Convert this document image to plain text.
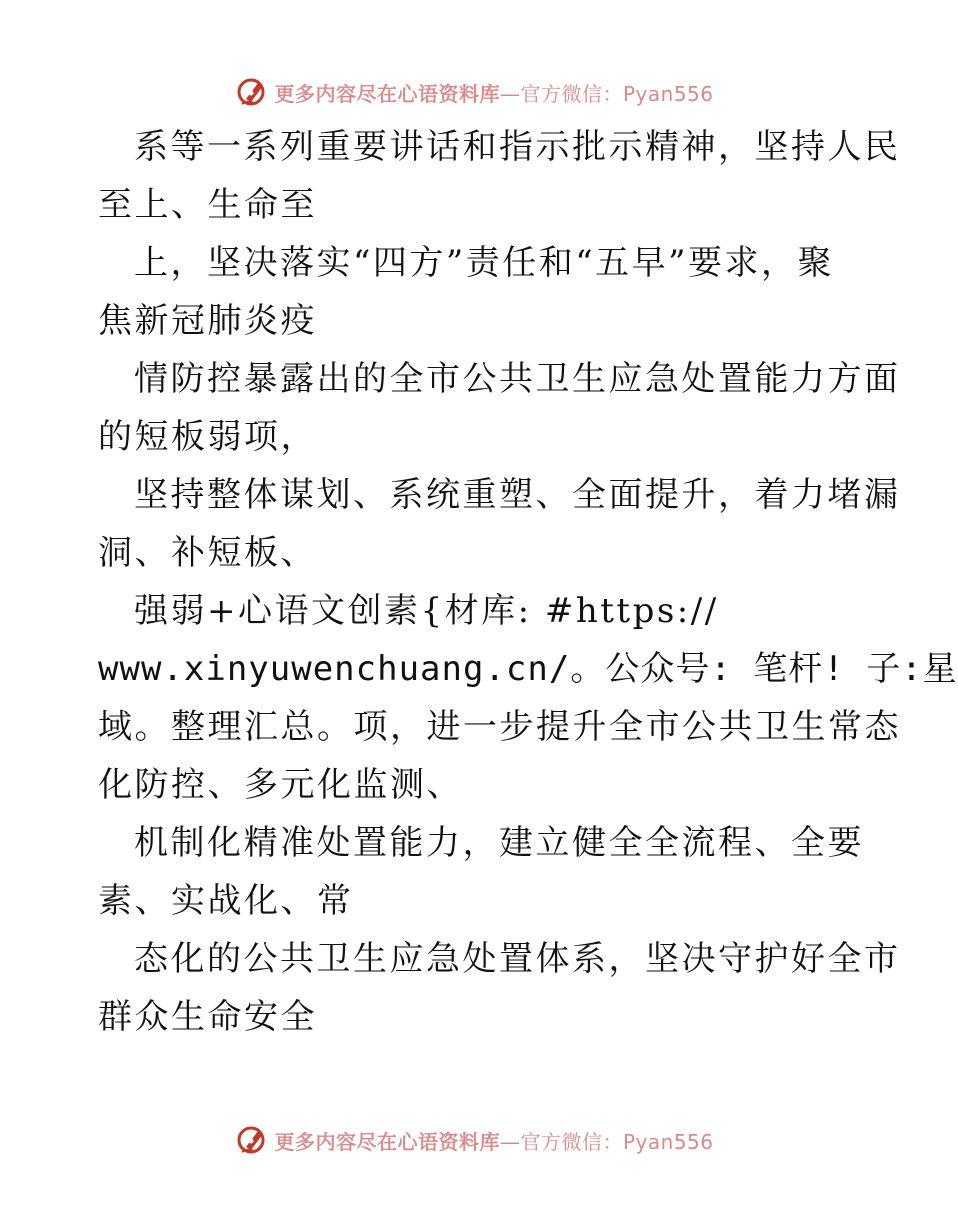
更多内容尽在心语资料库—官方微信：Pyan556
系等一系列重要讲话和指示批示精神，坚持人民
至上、生命至
上，坚决落实“四方”责任和“五早”要求，聚
焦新冠肺炎疫
情防控暴露出的全市公共卫生应急处置能力方面
的短板弱项，
坚持整体谋划、系统重塑、全面提升，着力堵漏
洞、补短板、
强弱+心语文创素{材库: #https://
www.xinyuwenchuang.cn/。公众号: 笔杆! 子:星
域。整理汇总。项，进一步提升全市公共卫生常态
化防控、多元化监测、
机制化精准处置能力，建立健全全流程、全要
素、实战化、常
态化的公共卫生应急处置体系，坚决守护好全市
群众生命安全
更多内容尽在心语资料库—官方微信：Pyan556
